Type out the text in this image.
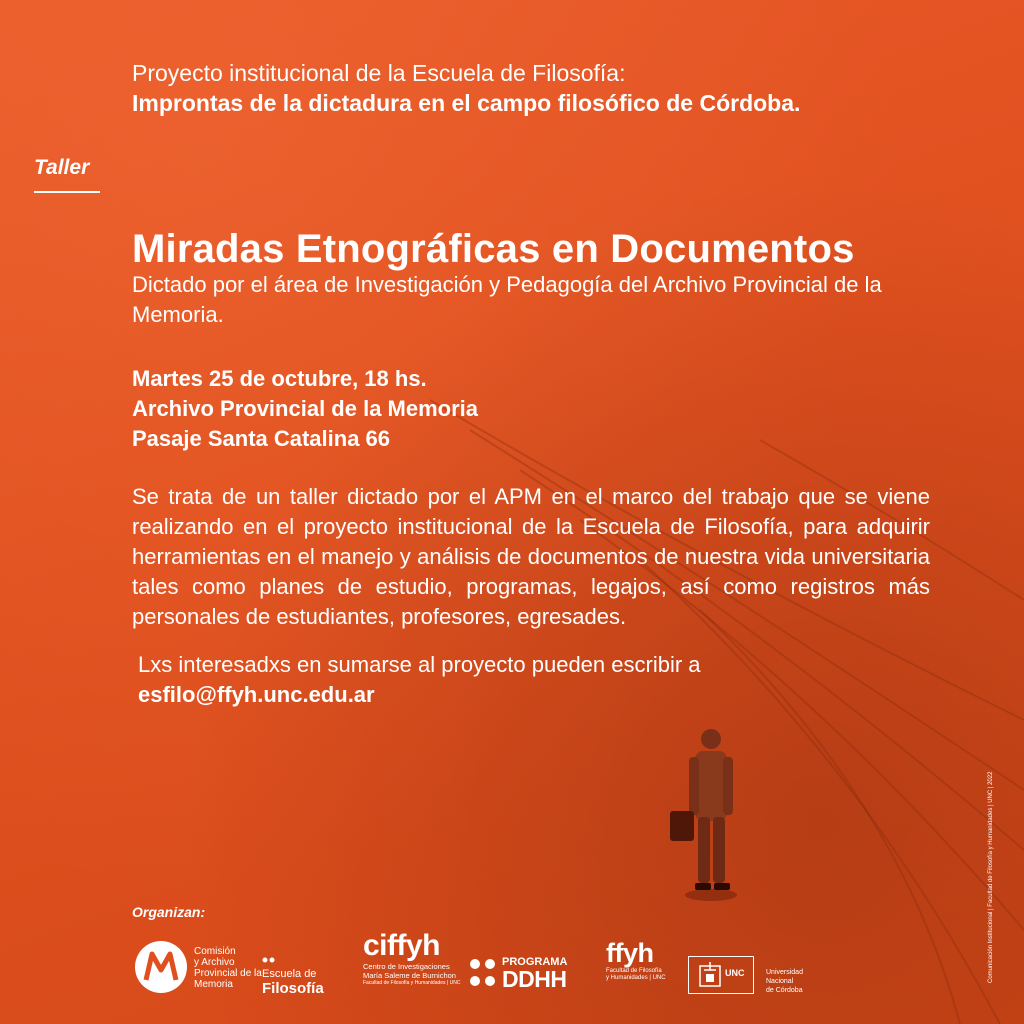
Proyecto institucional de la Escuela de Filosofía:
Improntas de la dictadura en el campo filosófico de Córdoba.
Taller
Miradas Etnográficas en Documentos
Dictado por el área de Investigación y Pedagogía del Archivo Provincial de la Memoria.
Martes 25 de octubre, 18 hs.
Archivo Provincial de la Memoria
Pasaje Santa Catalina 66
Se trata de un taller dictado por el APM en el marco del trabajo que se viene realizando en el proyecto institucional de la Escuela de Filosofía, para adquirir herramientas en el manejo y análisis de documentos de nuestra vida universitaria tales como planes de estudio, programas, legajos, así como registros más personales de estudiantes, profesores, egresades.
Lxs interesadxs en sumarse al proyecto pueden escribir a
esfilo@ffyh.unc.edu.ar
Organizan:
Comisión
y Archivo
Provincial de la
Memoria
Escuela de
Filosofía
ciffyh
Centro de Investigaciones
María Saleme de Burnichon
Facultad de Filosofía y Humanidades | UNC
PROGRAMA
DDHH
ffyh
Facultad de Filosofía
y Humanidades | UNC	UNC	Universidad
Nacional
de Córdoba
Comunicación Institucional | Facultad de Filosofía y Humanidades | UNC | 2022
